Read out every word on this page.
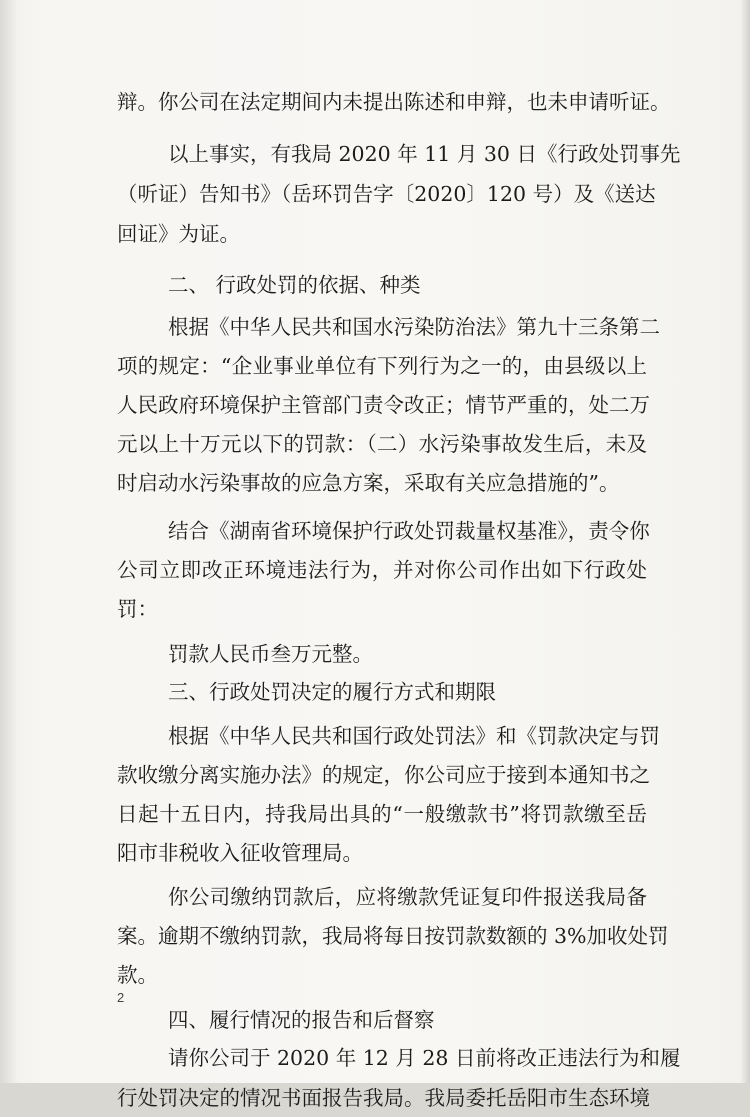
辩。你公司在法定期间内未提出陈述和申辩，也未申请听证。
以上事实，有我局 2020 年 11 月 30 日《行政处罚事先
（听证）告知书》（岳环罚告字〔2020〕120 号）及《送达
回证》为证。
二、 行政处罚的依据、种类
根据《中华人民共和国水污染防治法》第九十三条第二
项的规定：“企业事业单位有下列行为之一的，由县级以上
人民政府环境保护主管部门责令改正；情节严重的，处二万
元以上十万元以下的罚款：（二）水污染事故发生后，未及
时启动水污染事故的应急方案，采取有关应急措施的”。
结合《湖南省环境保护行政处罚裁量权基准》，责令你
公司立即改正环境违法行为，并对你公司作出如下行政处
罚：
罚款人民币叁万元整。
三、行政处罚决定的履行方式和期限
根据《中华人民共和国行政处罚法》和《罚款决定与罚
款收缴分离实施办法》的规定，你公司应于接到本通知书之
日起十五日内，持我局出具的“一般缴款书”将罚款缴至岳
阳市非税收入征收管理局。
你公司缴纳罚款后，应将缴款凭证复印件报送我局备
案。逾期不缴纳罚款，我局将每日按罚款数额的 3%加收处罚
款。
四、履行情况的报告和后督察
请你公司于 2020 年 12 月 28 日前将改正违法行为和履
行处罚决定的情况书面报告我局。我局委托岳阳市生态环境
2
